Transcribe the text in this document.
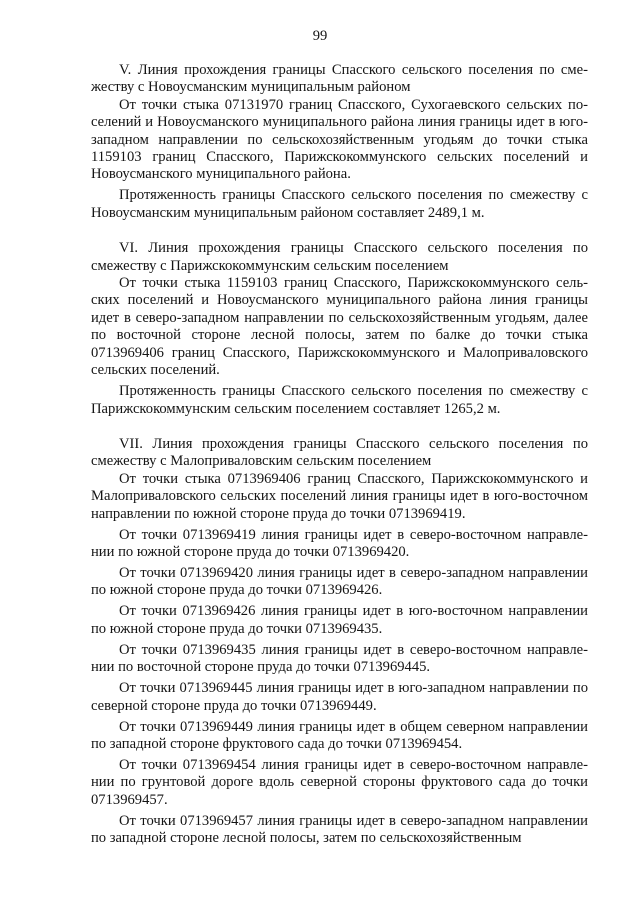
99

V. Линия прохождения границы Спасского сельского поселения по смежеству с Новоусманским муниципальным районом

От точки стыка 07131970 границ Спасского, Сухогаевского сельских поселений и Новоусманского муниципального района линия границы идет в юго-западном направлении по сельскохозяйственным угодьям до точки стыка 1159103 границ Спасского, Парижскокоммунского сельских поселений и Новоусманского муниципального района.

Протяженность границы Спасского сельского поселения по смежеству с Новоусманским муниципальным районом составляет 2489,1 м.

VI. Линия прохождения границы Спасского сельского поселения по смежеству с Парижскокоммунским сельским поселением

От точки стыка 1159103 границ Спасского, Парижскокоммунского сельских поселений и Новоусманского муниципального района линия границы идет в северо-западном направлении по сельскохозяйственным угодьям, далее по восточной стороне лесной полосы, затем по балке до точки стыка 0713969406 границ Спасского, Парижскокоммунского и Малоприваловского сельских поселений.

Протяженность границы Спасского сельского поселения по смежеству с Парижскокоммунским сельским поселением составляет 1265,2 м.

VII. Линия прохождения границы Спасского сельского поселения по смежеству с Малоприваловским сельским поселением

От точки стыка 0713969406 границ Спасского, Парижскокоммунского и Малоприваловского сельских поселений линия границы идет в юго-восточном направлении по южной стороне пруда до точки 0713969419.

От точки 0713969419 линия границы идет в северо-восточном направлении по южной стороне пруда до точки 0713969420.

От точки 0713969420 линия границы идет в северо-западном направлении по южной стороне пруда до точки 0713969426.

От точки 0713969426 линия границы идет в юго-восточном направлении по южной стороне пруда до точки 0713969435.

От точки 0713969435 линия границы идет в северо-восточном направлении по восточной стороне пруда до точки 0713969445.

От точки 0713969445 линия границы идет в юго-западном направлении по северной стороне пруда до точки 0713969449.

От точки 0713969449 линия границы идет в общем северном направлении по западной стороне фруктового сада до точки 0713969454.

От точки 0713969454 линия границы идет в северо-восточном направлении по грунтовой дороге вдоль северной стороны фруктового сада до точки 0713969457.

От точки 0713969457 линия границы идет в северо-западном направлении по западной стороне лесной полосы, затем по сельскохозяйственным
